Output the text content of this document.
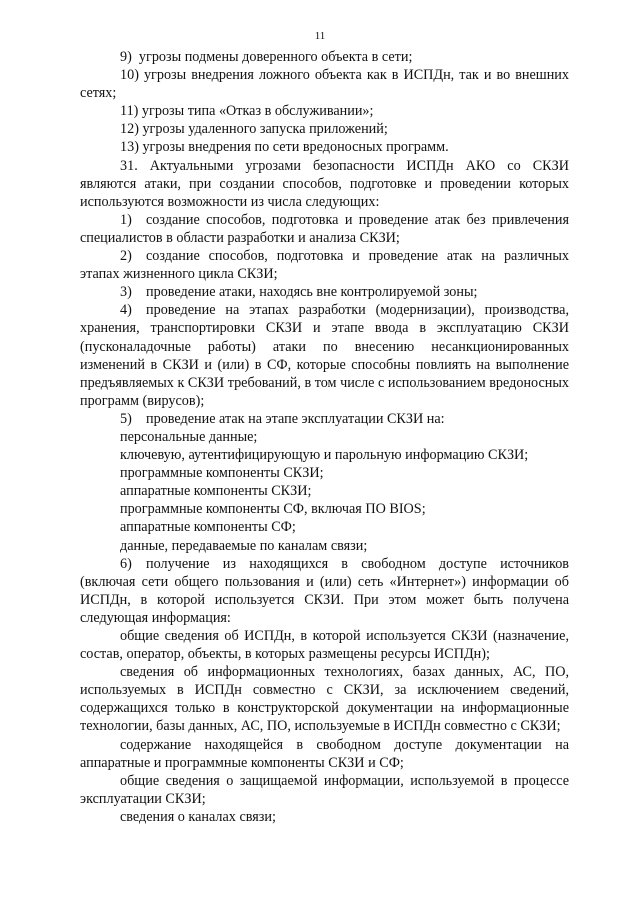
11

9) угрозы подмены доверенного объекта в сети;

10) угрозы внедрения ложного объекта как в ИСПДн, так и во внешних сетях;

11) угрозы типа «Отказ в обслуживании»;

12) угрозы удаленного запуска приложений;

13) угрозы внедрения по сети вредоносных программ.

31. Актуальными угрозами безопасности ИСПДн АКО со СКЗИ являются атаки, при создании способов, подготовке и проведении которых используются возможности из числа следующих:

1) создание способов, подготовка и проведение атак без привлечения специалистов в области разработки и анализа СКЗИ;

2) создание способов, подготовка и проведение атак на различных этапах жизненного цикла СКЗИ;

3) проведение атаки, находясь вне контролируемой зоны;

4) проведение на этапах разработки (модернизации), производства, хранения, транспортировки СКЗИ и этапе ввода в эксплуатацию СКЗИ (пусконаладочные работы) атаки по внесению несанкционированных изменений в СКЗИ и (или) в СФ, которые способны повлиять на выполнение предъявляемых к СКЗИ требований, в том числе с использованием вредоносных программ (вирусов);

5) проведение атак на этапе эксплуатации СКЗИ на:

персональные данные;

ключевую, аутентифицирующую и парольную информацию СКЗИ;

программные компоненты СКЗИ;

аппаратные компоненты СКЗИ;

программные компоненты СФ, включая ПО BIOS;

аппаратные компоненты СФ;

данные, передаваемые по каналам связи;

6) получение из находящихся в свободном доступе источников (включая сети общего пользования и (или) сеть «Интернет») информации об ИСПДн, в которой используется СКЗИ. При этом может быть получена следующая информация:

общие сведения об ИСПДн, в которой используется СКЗИ (назначение, состав, оператор, объекты, в которых размещены ресурсы ИСПДн);

сведения об информационных технологиях, базах данных, АС, ПО, используемых в ИСПДн совместно с СКЗИ, за исключением сведений, содержащихся только в конструкторской документации на информационные технологии, базы данных, АС, ПО, используемые в ИСПДн совместно с СКЗИ;

содержание находящейся в свободном доступе документации на аппаратные и программные компоненты СКЗИ и СФ;

общие сведения о защищаемой информации, используемой в процессе эксплуатации СКЗИ;

сведения о каналах связи;
